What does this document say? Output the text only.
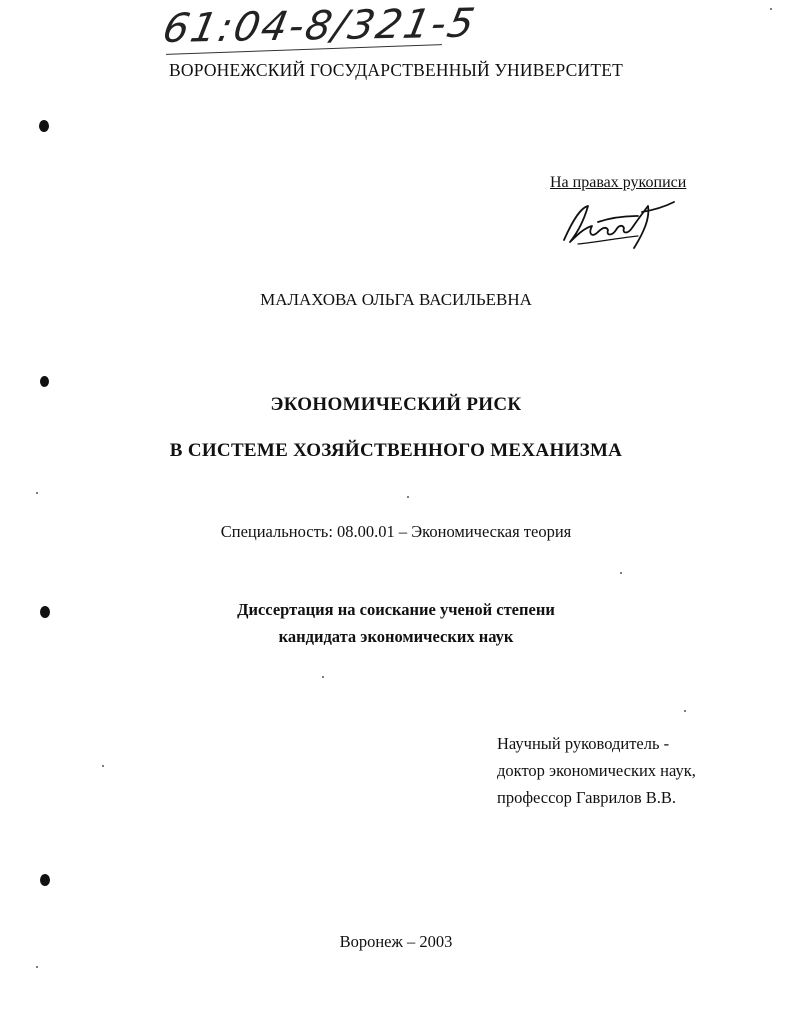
61:04-8/321-5
ВОРОНЕЖСКИЙ ГОСУДАРСТВЕННЫЙ УНИВЕРСИТЕТ
На правах рукописи
МАЛАХОВА ОЛЬГА ВАСИЛЬЕВНА
ЭКОНОМИЧЕСКИЙ РИСК
В СИСТЕМЕ ХОЗЯЙСТВЕННОГО МЕХАНИЗМА
Специальность: 08.00.01 – Экономическая теория
Диссертация на соискание ученой степени
кандидата экономических наук
Научный руководитель -
доктор экономических наук,
профессор Гаврилов В.В.
Воронеж – 2003
